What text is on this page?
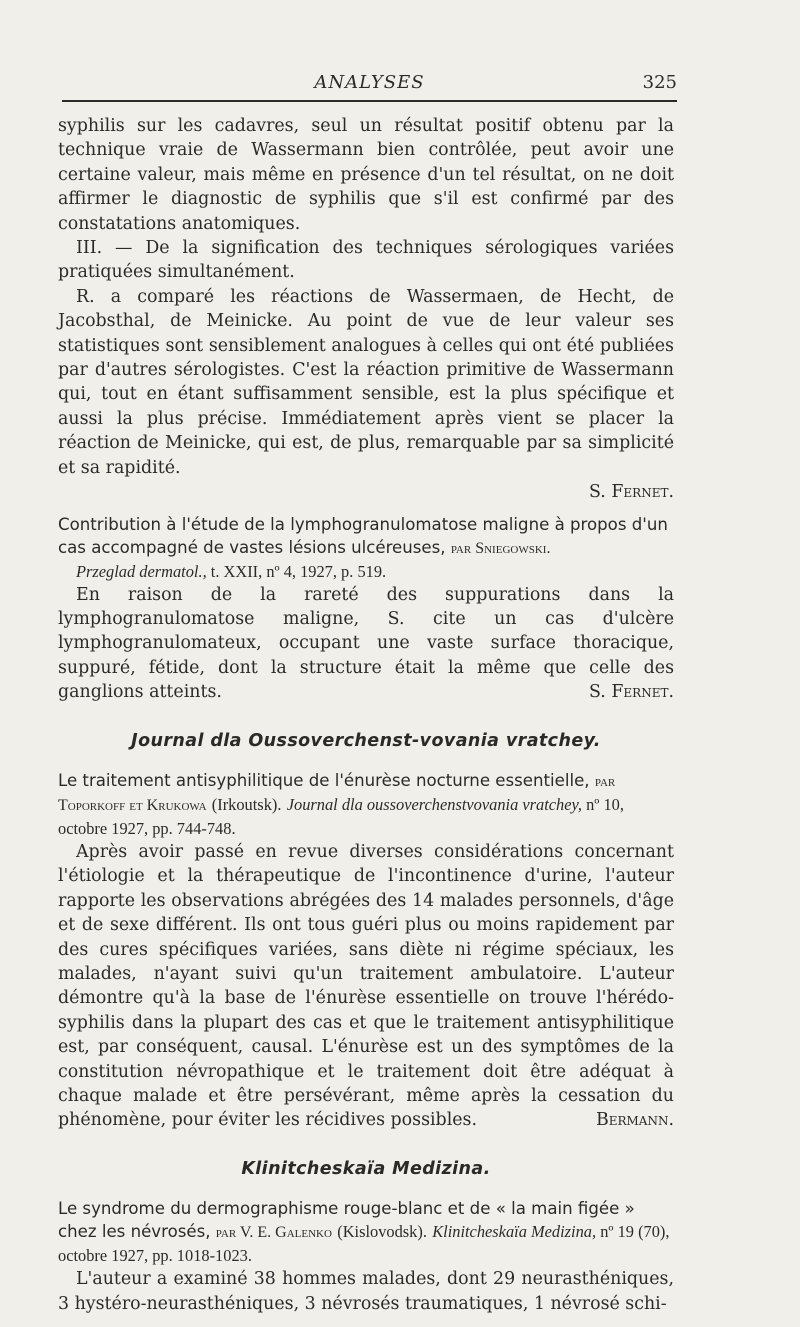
ANALYSES	325

syphilis sur les cadavres, seul un résultat positif obtenu par la technique vraie de Wassermann bien contrôlée, peut avoir une certaine valeur, mais même en présence d'un tel résultat, on ne doit affirmer le diagnostic de syphilis que s'il est confirmé par des constatations anatomiques.

III. — De la signification des techniques sérologiques variées pratiquées simultanément.

R. a comparé les réactions de Wassermaen, de Hecht, de Jacobsthal, de Meinicke. Au point de vue de leur valeur ses statistiques sont sensiblement analogues à celles qui ont été publiées par d'autres sérologistes. C'est la réaction primitive de Wassermann qui, tout en étant suffisamment sensible, est la plus spécifique et aussi la plus précise. Immédiatement après vient se placer la réaction de Meinicke, qui est, de plus, remarquable par sa simplicité et sa rapidité.

S. Fernet.

Contribution à l'étude de la lymphogranulomatose maligne à propos d'un cas accompagné de vastes lésions ulcéreuses, par Sniegowski.
Przeglad dermatol., t. XXII, nº 4, 1927, p. 519.

En raison de la rareté des suppurations dans la lymphogranulomatose maligne, S. cite un cas d'ulcère lymphogranulomateux, occupant une vaste surface thoracique, suppuré, fétide, dont la structure était la même que celle des ganglions atteints.	S. Fernet.

Journal dla Oussoverchenst-vovania vratchey.
Le traitement antisyphilitique de l'énurèse nocturne essentielle, par Toporkoff et Krukowa (Irkoutsk). Journal dla oussoverchenstvovania vratchey, nº 10, octobre 1927, pp. 744-748.

Après avoir passé en revue diverses considérations concernant l'étiologie et la thérapeutique de l'incontinence d'urine, l'auteur rapporte les observations abrégées des 14 malades personnels, d'âge et de sexe différent. Ils ont tous guéri plus ou moins rapidement par des cures spécifiques variées, sans diète ni régime spéciaux, les malades, n'ayant suivi qu'un traitement ambulatoire. L'auteur démontre qu'à la base de l'énurèse essentielle on trouve l'hérédo-syphilis dans la plupart des cas et que le traitement antisyphilitique est, par conséquent, causal. L'énurèse est un des symptômes de la constitution névropathique et le traitement doit être adéquat à chaque malade et être persévérant, même après la cessation du phénomène, pour éviter les récidives possibles.	Bermann.

Klinitcheskaïa Medizina.
Le syndrome du dermographisme rouge-blanc et de « la main figée » chez les névrosés, par V. E. Galenko (Kislovodsk). Klinitcheskaïa Medizina, nº 19 (70), octobre 1927, pp. 1018-1023.

L'auteur a examiné 38 hommes malades, dont 29 neurasthéniques, 3 hystéro-neurasthéniques, 3 névrosés traumatiques, 1 névrosé schi-
